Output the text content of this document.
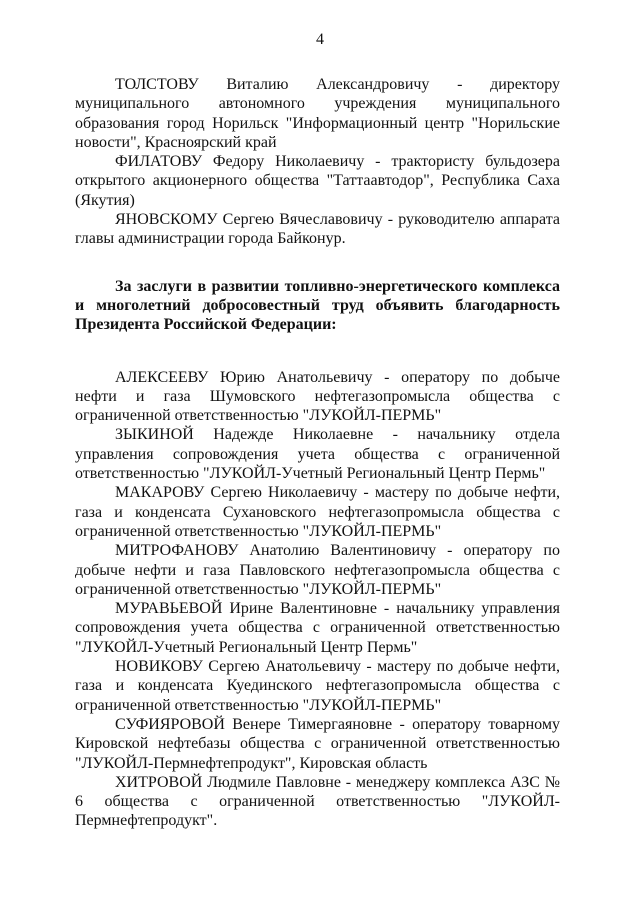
4

ТОЛСТОВУ Виталию Александровичу - директору муниципального автономного учреждения муниципального образования город Норильск "Информационный центр "Норильские новости", Красноярский край

ФИЛАТОВУ Федору Николаевичу - трактористу бульдозера открытого акционерного общества "Таттаавтодор", Республика Саха (Якутия)

ЯНОВСКОМУ Сергею Вячеславовичу - руководителю аппарата главы администрации города Байконур.

За заслуги в развитии топливно-энергетического комплекса и многолетний добросовестный труд объявить благодарность Президента Российской Федерации:

АЛЕКСЕЕВУ Юрию Анатольевичу - оператору по добыче нефти и газа Шумовского нефтегазопромысла общества с ограниченной ответственностью "ЛУКОЙЛ-ПЕРМЬ"

ЗЫКИНОЙ Надежде Николаевне - начальнику отдела управления сопровождения учета общества с ограниченной ответственностью "ЛУКОЙЛ-Учетный Региональный Центр Пермь"

МАКАРОВУ Сергею Николаевичу - мастеру по добыче нефти, газа и конденсата Сухановского нефтегазопромысла общества с ограниченной ответственностью "ЛУКОЙЛ-ПЕРМЬ"

МИТРОФАНОВУ Анатолию Валентиновичу - оператору по добыче нефти и газа Павловского нефтегазопромысла общества с ограниченной ответственностью "ЛУКОЙЛ-ПЕРМЬ"

МУРАВЬЕВОЙ Ирине Валентиновне - начальнику управления сопровождения учета общества с ограниченной ответственностью "ЛУКОЙЛ-Учетный Региональный Центр Пермь"

НОВИКОВУ Сергею Анатольевичу - мастеру по добыче нефти, газа и конденсата Куединского нефтегазопромысла общества с ограниченной ответственностью "ЛУКОЙЛ-ПЕРМЬ"

СУФИЯРОВОЙ Венере Тимергаяновне - оператору товарному Кировской нефтебазы общества с ограниченной ответственностью "ЛУКОЙЛ-Пермнефтепродукт", Кировская область

ХИТРОВОЙ Людмиле Павловне - менеджеру комплекса АЗС № 6 общества с ограниченной ответственностью "ЛУКОЙЛ-Пермнефтепродукт".
